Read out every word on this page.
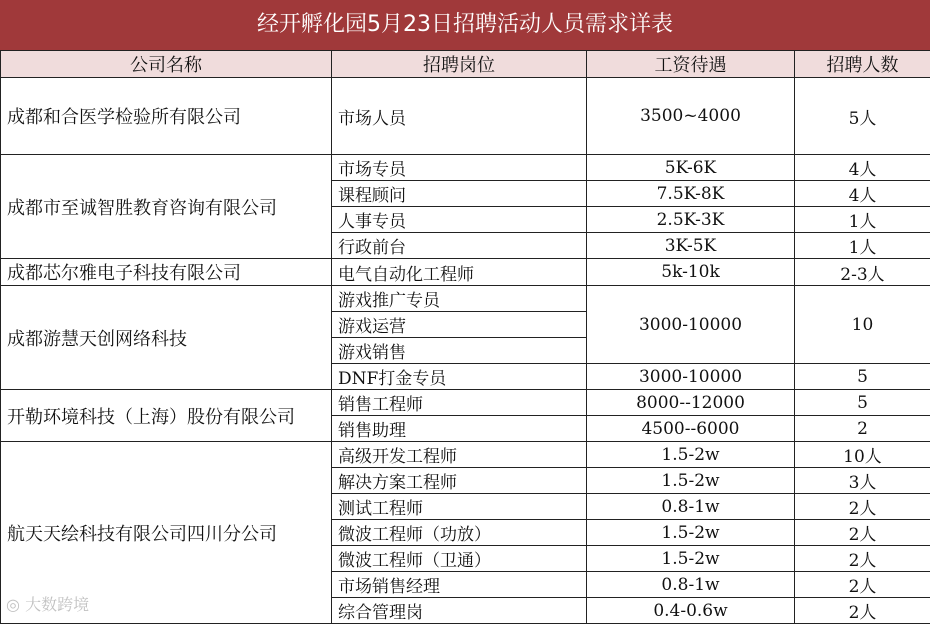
经开孵化园5月23日招聘活动人员需求详表
公司名称	招聘岗位	工资待遇	招聘人数
成都和合医学检验所有限公司	市场人员	3500~4000	5人
成都市至诚智胜教育咨询有限公司	市场专员	5K-6K	4人
	课程顾问	7.5K-8K	4人
	人事专员	2.5K-3K	1人
	行政前台	3K-5K	1人
成都芯尔雅电子科技有限公司	电气自动化工程师	5k-10k	2-3人
成都游慧天创网络科技	游戏推广专员	3000-10000	10
	游戏运营		
	游戏销售		
	DNF打金专员	3000-10000	5
开勒环境科技（上海）股份有限公司	销售工程师	8000--12000	5
	销售助理	4500--6000	2
航天天绘科技有限公司四川分公司	高级开发工程师	1.5-2w	10人
	解决方案工程师	1.5-2w	3人
	测试工程师	0.8-1w	2人
	微波工程师（功放）	1.5-2w	2人
	微波工程师（卫通）	1.5-2w	2人
	市场销售经理	0.8-1w	2人
	综合管理岗	0.4-0.6w	2人
◎ 大数跨境
